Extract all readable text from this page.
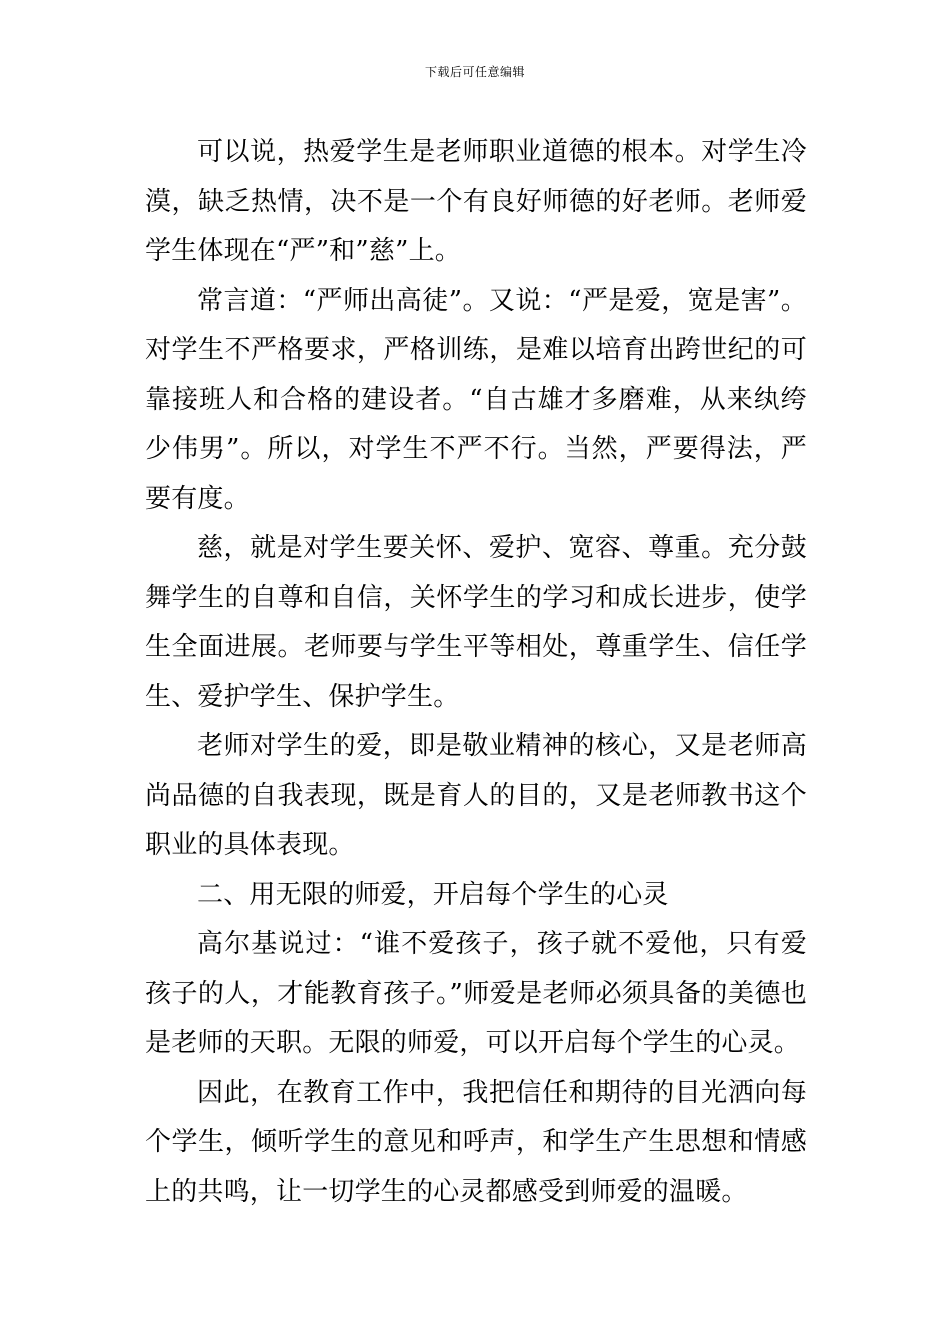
下载后可任意编辑

可以说，热爱学生是老师职业道德的根本。对学生冷漠，缺乏热情，决不是一个有良好师德的好老师。老师爱学生体现在“严”和”慈”上。

常言道：“严师出高徒”。又说：“严是爱，宽是害”。对学生不严格要求，严格训练，是难以培育出跨世纪的可靠接班人和合格的建设者。“自古雄才多磨难，从来纨绔少伟男”。所以，对学生不严不行。当然，严要得法，严要有度。

慈，就是对学生要关怀、爱护、宽容、尊重。充分鼓舞学生的自尊和自信，关怀学生的学习和成长进步，使学生全面进展。老师要与学生平等相处，尊重学生、信任学生、爱护学生、保护学生。

老师对学生的爱，即是敬业精神的核心，又是老师高尚品德的自我表现，既是育人的目的，又是老师教书这个职业的具体表现。

二、用无限的师爱，开启每个学生的心灵

高尔基说过：“谁不爱孩子，孩子就不爱他，只有爱孩子的人，才能教育孩子。”师爱是老师必须具备的美德也是老师的天职。无限的师爱，可以开启每个学生的心灵。

因此，在教育工作中，我把信任和期待的目光洒向每个学生，倾听学生的意见和呼声，和学生产生思想和情感上的共鸣，让一切学生的心灵都感受到师爱的温暖。
